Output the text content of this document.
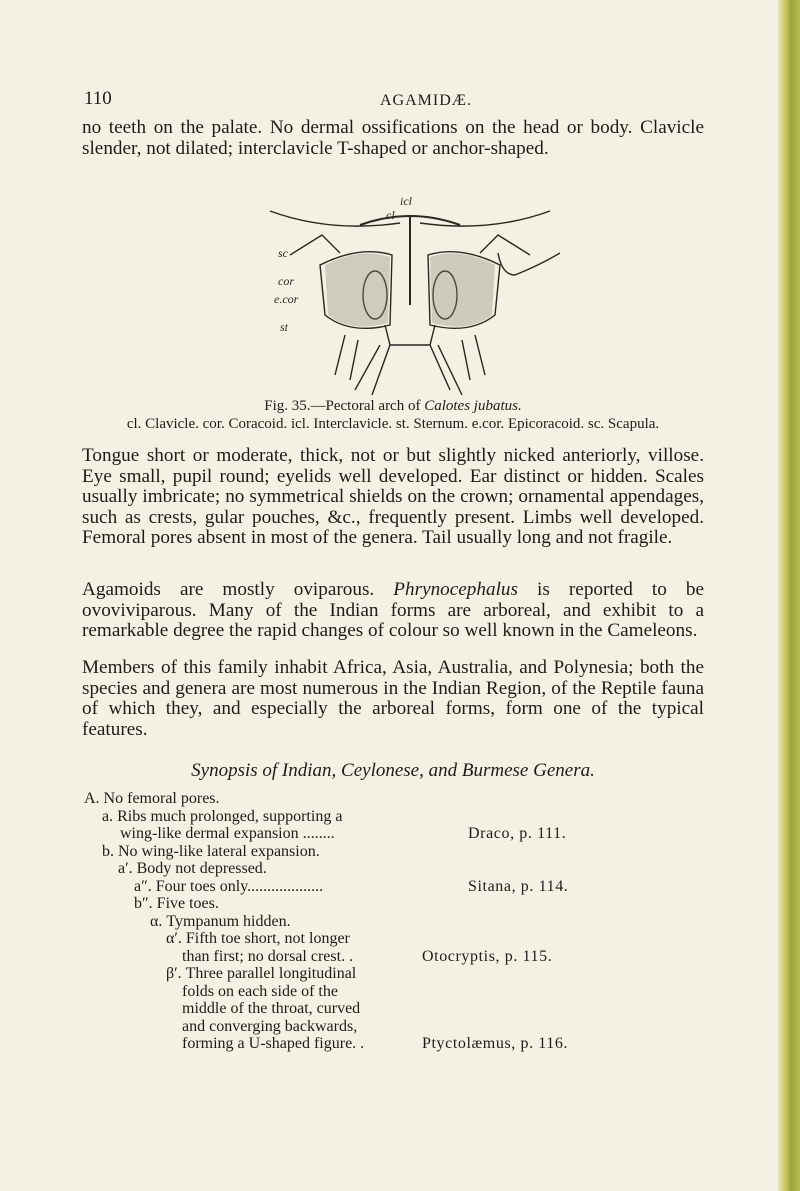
110	AGAMIDÆ.

no teeth on the palate. No dermal ossifications on the head or body. Clavicle slender, not dilated; interclavicle T-shaped or anchor-shaped.

icl
cl
sc
cor
e.cor
st
Fig. 35.—Pectoral arch of Calotes jubatus.
cl. Clavicle. cor. Coracoid. icl. Interclavicle. st. Sternum. e.cor. Epicoracoid. sc. Scapula.

Tongue short or moderate, thick, not or but slightly nicked anteriorly, villose. Eye small, pupil round; eyelids well developed. Ear distinct or hidden. Scales usually imbricate; no symmetrical shields on the crown; ornamental appendages, such as crests, gular pouches, &c., frequently present. Limbs well developed. Femoral pores absent in most of the genera. Tail usually long and not fragile.

Agamoids are mostly oviparous. Phrynocephalus is reported to be ovoviviparous. Many of the Indian forms are arboreal, and exhibit to a remarkable degree the rapid changes of colour so well known in the Cameleons.

Members of this family inhabit Africa, Asia, Australia, and Polynesia; both the species and genera are most numerous in the Indian Region, of the Reptile fauna of which they, and especially the arboreal forms, form one of the typical features.

Synopsis of Indian, Ceylonese, and Burmese Genera.
A. No femoral pores.
a. Ribs much prolonged, supporting a
wing-like dermal expansion ........
b. No wing-like lateral expansion.
a′. Body not depressed.
a″. Four toes only...................
b″. Five toes.
α. Tympanum hidden.
α′. Fifth toe short, not longer
than first; no dorsal crest. .
β′. Three parallel longitudinal
folds on each side of the
middle of the throat, curved
and converging backwards,
forming a U-shaped figure. .
Draco, p. 111.
Sitana, p. 114.
Otocryptis, p. 115.
Ptyctolæmus, p. 116.
